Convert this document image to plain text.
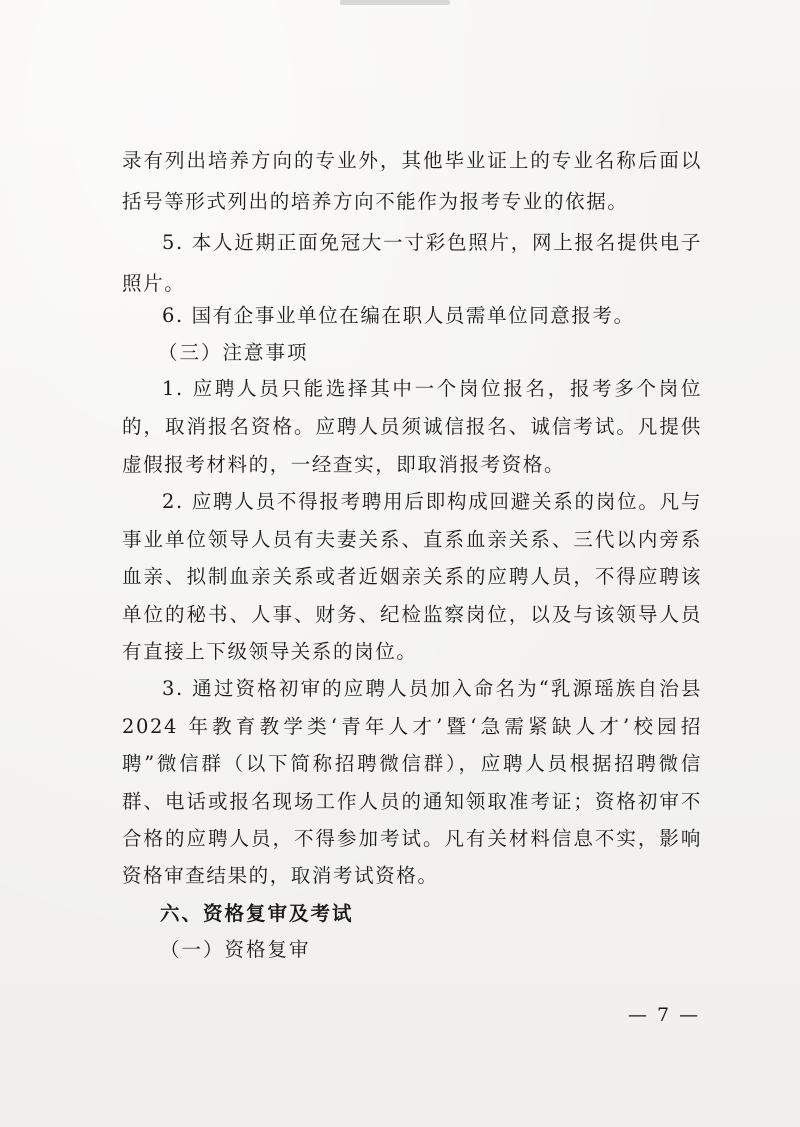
录有列出培养方向的专业外，其他毕业证上的专业名称后面以
括号等形式列出的培养方向不能作为报考专业的依据。
5. 本人近期正面免冠大一寸彩色照片，网上报名提供电子
照片。
6. 国有企事业单位在编在职人员需单位同意报考。
（三）注意事项
1. 应聘人员只能选择其中一个岗位报名，报考多个岗位
的，取消报名资格。应聘人员须诚信报名、诚信考试。凡提供
虚假报考材料的，一经查实，即取消报考资格。
2. 应聘人员不得报考聘用后即构成回避关系的岗位。凡与
事业单位领导人员有夫妻关系、直系血亲关系、三代以内旁系
血亲、拟制血亲关系或者近姻亲关系的应聘人员，不得应聘该
单位的秘书、人事、财务、纪检监察岗位，以及与该领导人员
有直接上下级领导关系的岗位。
3. 通过资格初审的应聘人员加入命名为“乳源瑶族自治县
2024 年教育教学类‘青年人才’暨‘急需紧缺人才’校园招
聘”微信群（以下简称招聘微信群），应聘人员根据招聘微信
群、电话或报名现场工作人员的通知领取准考证；资格初审不
合格的应聘人员，不得参加考试。凡有关材料信息不实，影响
资格审查结果的，取消考试资格。
六、资格复审及考试
（一）资格复审
— 7 —
